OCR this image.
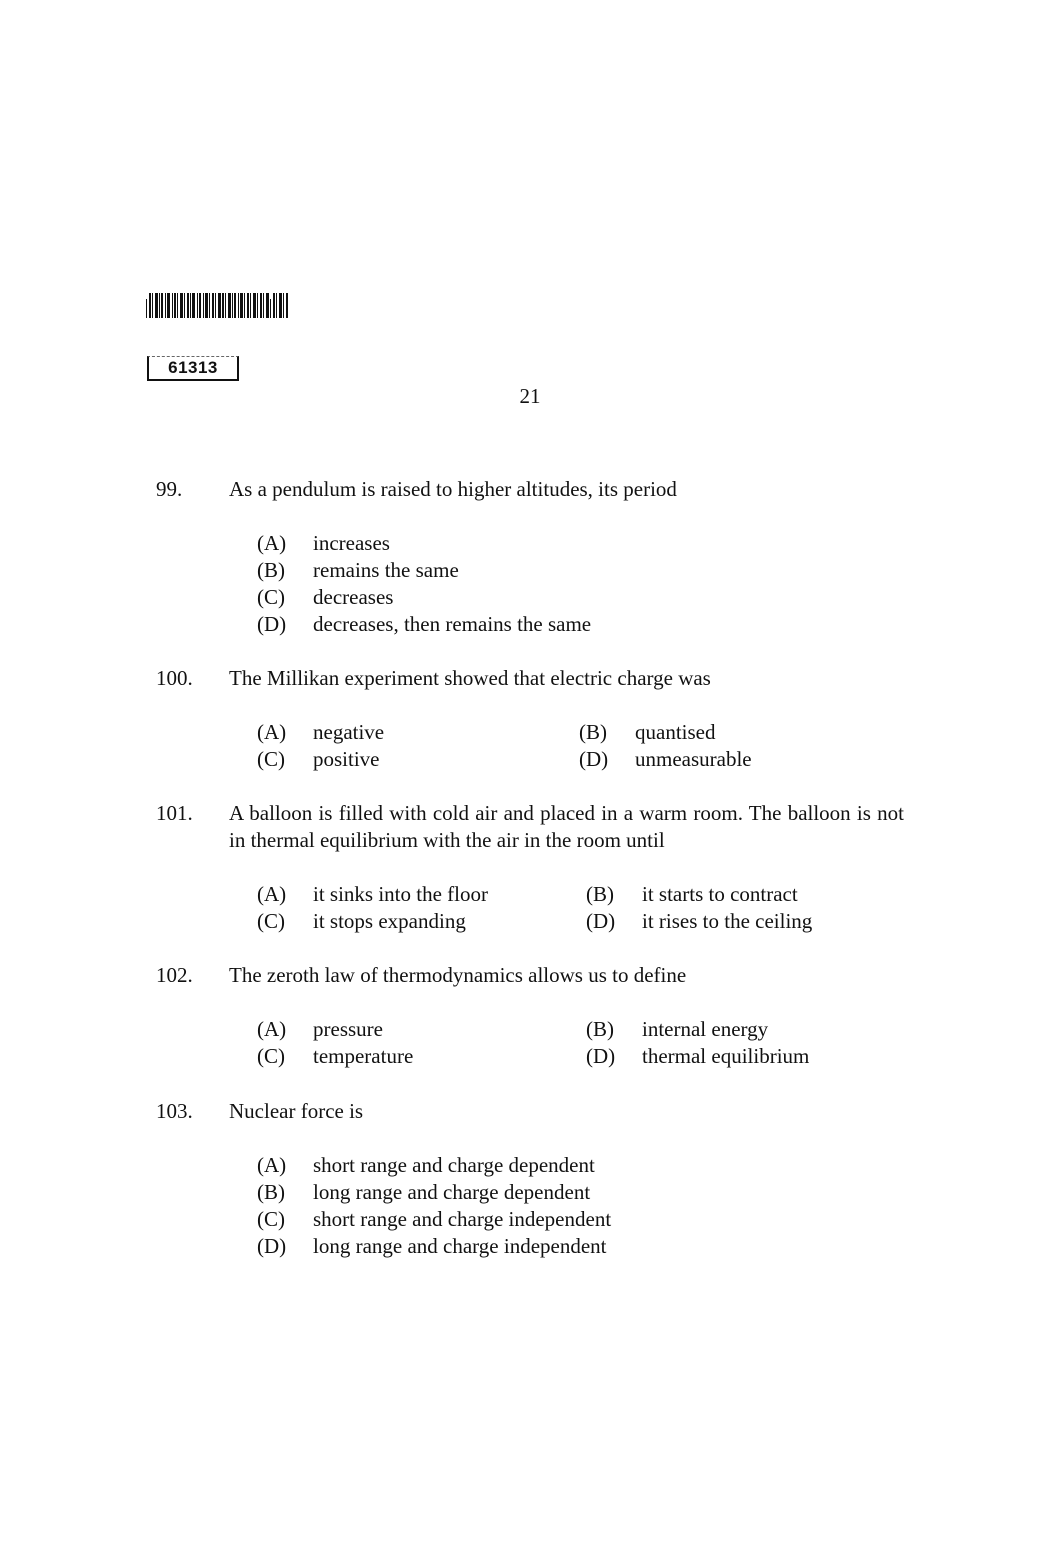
61313
21
99. As a pendulum is raised to higher altitudes, its period
(A) increases
(B) remains the same
(C) decreases
(D) decreases, then remains the same
100. The Millikan experiment showed that electric charge was
(A) negative	(B) quantised
(C) positive	(D) unmeasurable
101. A balloon is filled with cold air and placed in a warm room. The balloon is not in thermal equilibrium with the air in the room until
(A) it sinks into the floor	(B) it starts to contract
(C) it stops expanding	(D) it rises to the ceiling
102. The zeroth law of thermodynamics allows us to define
(A) pressure	(B) internal energy
(C) temperature	(D) thermal equilibrium
103. Nuclear force is
(A) short range and charge dependent
(B) long range and charge dependent
(C) short range and charge independent
(D) long range and charge independent
